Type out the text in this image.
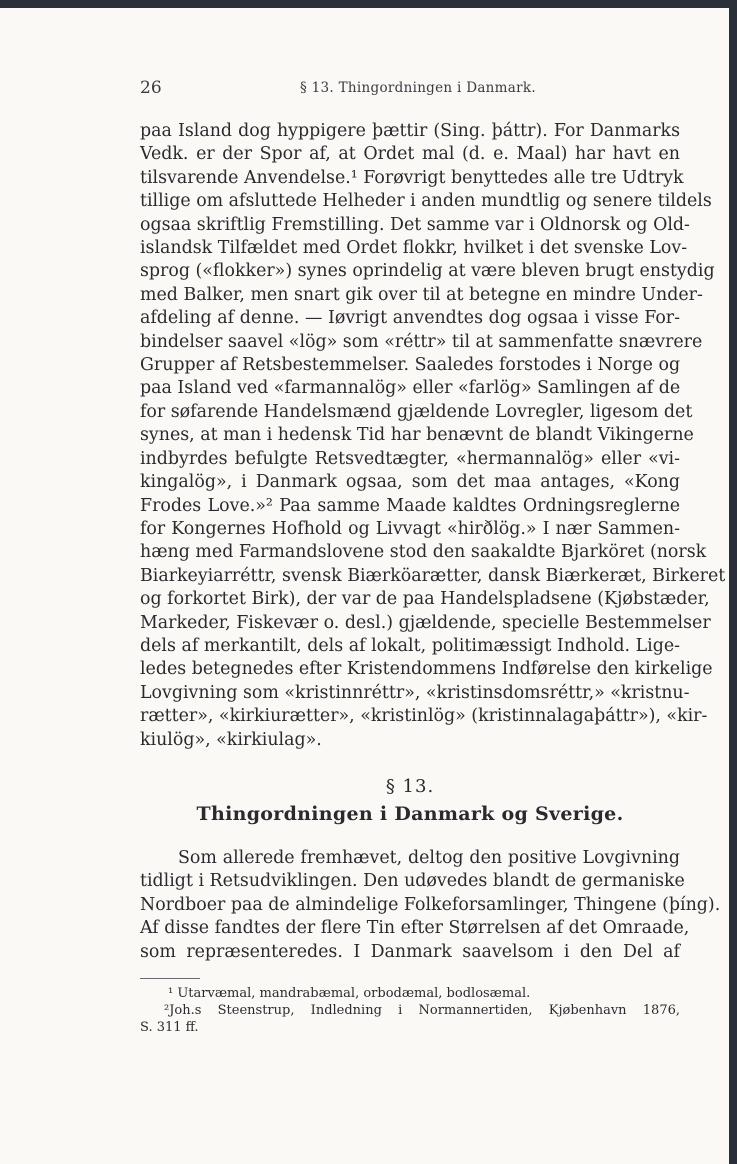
26	§ 13. Thingordningen i Danmark.
paa Island dog hyppigere þættir (Sing. þáttr). For Danmarks
Vedk. er der Spor af, at Ordet mal (d. e. Maal) har havt en
tilsvarende Anvendelse.¹ Forøvrigt benyttedes alle tre Udtryk
tillige om afsluttede Helheder i anden mundtlig og senere tildels
ogsaa skriftlig Fremstilling. Det samme var i Oldnorsk og Old-
islandsk Tilfældet med Ordet flokkr, hvilket i det svenske Lov-
sprog («flokker») synes oprindelig at være bleven brugt enstydig
med Balker, men snart gik over til at betegne en mindre Under-
afdeling af denne. — Iøvrigt anvendtes dog ogsaa i visse For-
bindelser saavel «lög» som «réttr» til at sammenfatte snævrere
Grupper af Retsbestemmelser. Saaledes forstodes i Norge og
paa Island ved «farmannalög» eller «farlög» Samlingen af de
for søfarende Handelsmænd gjældende Lovregler, ligesom det
synes, at man i hedensk Tid har benævnt de blandt Vikingerne
indbyrdes befulgte Retsvedtægter, «hermannalög» eller «vi-
kingalög», i Danmark ogsaa, som det maa antages, «Kong
Frodes Love.»² Paa samme Maade kaldtes Ordningsreglerne
for Kongernes Hofhold og Livvagt «hirðlög.» I nær Sammen-
hæng med Farmandslovene stod den saakaldte Bjarköret (norsk
Biarkeyiarréttr, svensk Biærköarætter, dansk Biærkeræt, Birkeret
og forkortet Birk), der var de paa Handelspladsene (Kjøbstæder,
Markeder, Fiskevær o. desl.) gjældende, specielle Bestemmelser
dels af merkantilt, dels af lokalt, politimæssigt Indhold. Lige-
ledes betegnedes efter Kristendommens Indførelse den kirkelige
Lovgivning som «kristinnréttr», «kristinsdomsréttr,» «kristnu-
rætter», «kirkiurætter», «kristinlög» (kristinnalagaþáttr»), «kir-
kiulög», «kirkiulag».
§ 13.
Thingordningen i Danmark og Sverige.
Som allerede fremhævet, deltog den positive Lovgivning
tidligt i Retsudviklingen. Den udøvedes blandt de germaniske
Nordboer paa de almindelige Folkeforsamlinger, Thingene (þíng).
Af disse fandtes der flere Tin efter Størrelsen af det Omraade,
som repræsenteredes. I Danmark saavelsom i den Del af
¹ Utarvæmal, mandrabæmal, orbodæmal, bodlosæmal.
²Joh.s Steenstrup, Indledning i Normannertiden, Kjøbenhavn 1876,
S. 311 ff.
